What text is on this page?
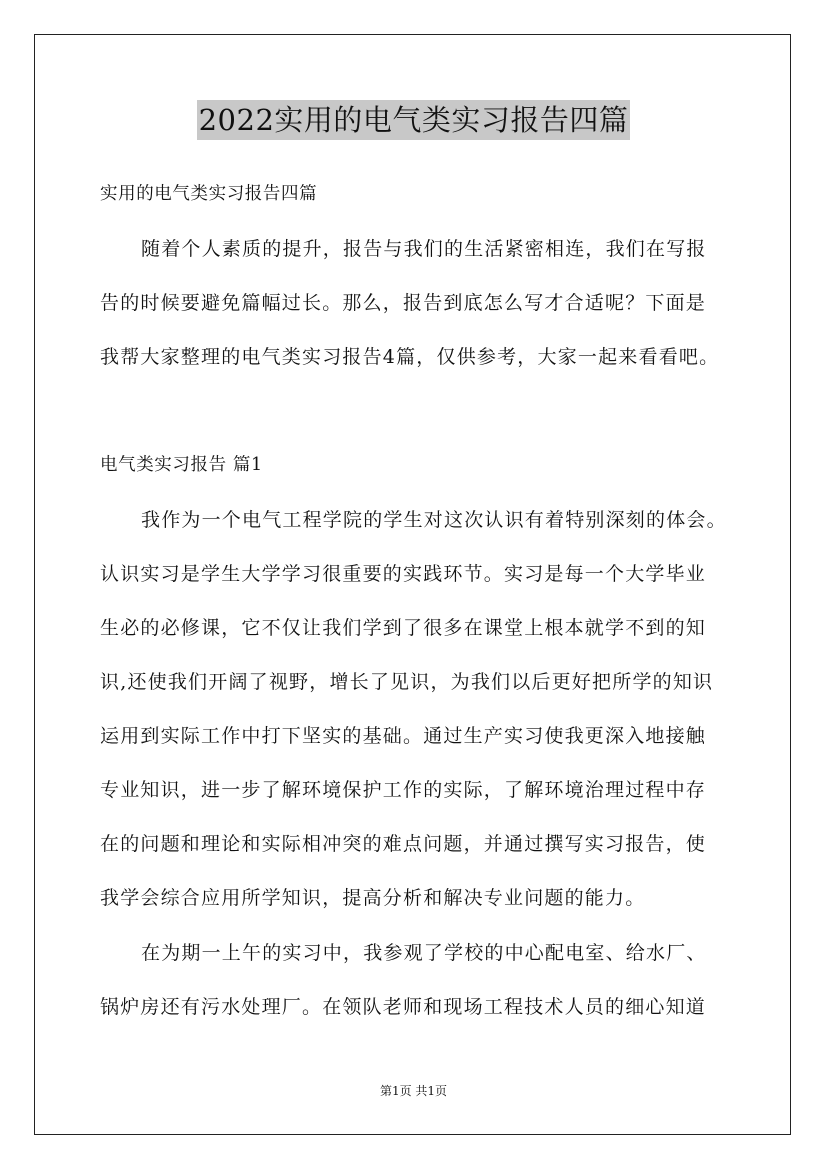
2022实用的电气类实习报告四篇
实用的电气类实习报告四篇
随着个人素质的提升，报告与我们的生活紧密相连，我们在写报
告的时候要避免篇幅过长。那么，报告到底怎么写才合适呢？下面是
我帮大家整理的电气类实习报告4篇，仅供参考，大家一起来看看吧。
电气类实习报告 篇1
我作为一个电气工程学院的学生对这次认识有着特别深刻的体会。
认识实习是学生大学学习很重要的实践环节。实习是每一个大学毕业
生必的必修课，它不仅让我们学到了很多在课堂上根本就学不到的知
识,还使我们开阔了视野，增长了见识，为我们以后更好把所学的知识
运用到实际工作中打下坚实的基础。通过生产实习使我更深入地接触
专业知识，进一步了解环境保护工作的实际，了解环境治理过程中存
在的问题和理论和实际相冲突的难点问题，并通过撰写实习报告，使
我学会综合应用所学知识，提高分析和解决专业问题的能力。
在为期一上午的实习中，我参观了学校的中心配电室、给水厂、
锅炉房还有污水处理厂。在领队老师和现场工程技术人员的细心知道
第1页 共1页
